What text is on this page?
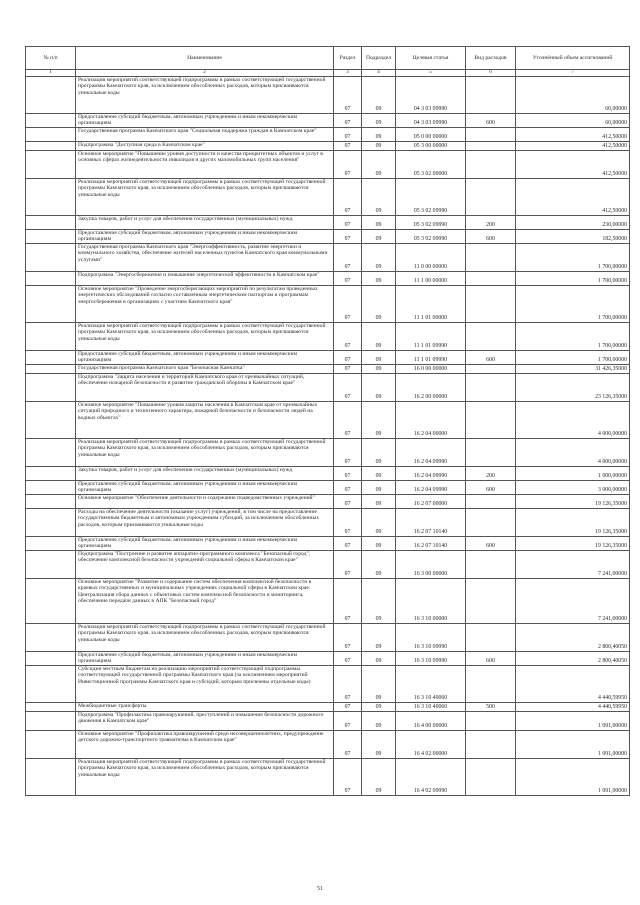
№ п/п	Наименование	Раздел	Подраздел	Целевая статья	Вид расходов	Уточнённый объем ассигнований
1	2	3	4	5	6	7
	Реализация мероприятий соответствующей подпрограммы в рамках соответствующей государственной программы Камчатского края, за исключением обособленных расходов, которым присваиваются уникальные коды	07	09	04 3 03 09990		60,00000
	Предоставление субсидий бюджетным, автономным учреждениям и иным некоммерческим организациям	07	09	04 3 03 09990	600	60,00000
	Государственная программа Камчатского края "Социальная поддержка граждан в Камчатском крае"	07	09	05 0 00 00000		412,50000
	Подпрограмма "Доступная среда в Камчатском крае"	07	09	05 3 00 00000		412,50000
	Основное мероприятие "Повышение уровня доступности и качества приоритетных объектов и услуг в основных сферах жизнедеятельности инвалидов и других маломобильных групп населения"	07	09	05 3 02 00000		412,50000
	Реализация мероприятий соответствующей подпрограммы в рамках соответствующей государственной программы Камчатского края, за исключением обособленных расходов, которым присваиваются уникальные коды	07	09	05 3 02 09990		412,50000
	Закупка товаров, работ и услуг для обеспечения государственных (муниципальных) нужд	07	09	05 3 02 09990	200	230,00000
	Предоставление субсидий бюджетным, автономным учреждениям и иным некоммерческим организациям	07	09	05 3 02 09990	600	182,50000
	Государственная программа Камчатского края "Энергоэффективность, развитие энергетики и коммунального хозяйства, обеспечение жителей населенных пунктов Камчатского края коммунальными услугами"	07	09	11 0 00 00000		1 700,00000
	Подпрограмма "Энергосбережение и повышение энергетической эффективности в Камчатском крае"	07	09	11 1 00 00000		1 700,00000
	Основное мероприятие "Проведение энергосберегающих мероприятий по результатам проведенных энергетических обследований согласно составленным энергетическим паспортам и программам энергосбережения в организациях с участием Камчатского края"	07	09	11 1 01 00000		1 700,00000
	Реализация мероприятий соответствующей подпрограммы в рамках соответствующей государственной программы Камчатского края, за исключением обособленных расходов, которым присваиваются уникальные коды	07	09	11 1 01 09990		1 700,00000
	Предоставление субсидий бюджетным, автономным учреждениям и иным некоммерческим организациям	07	09	11 1 01 09990	600	1 700,00000
	Государственная программа Камчатского края "Безопасная Камчатка"	07	09	16 0 00 00000		31 426,35000
	Подпрограмма "Защита населения и территорий Камчатского края от чрезвычайных ситуаций, обеспечение пожарной безопасности и развитие гражданской обороны в Камчатском крае"	07	09	16 2 00 00000		23 126,35000
	Основное мероприятие "Повышение уровня защиты населения в Камчатском крае от чрезвычайных ситуаций природного и техногенного характера, пожарной безопасности и безопасности людей на водных объектах"	07	09	16 2 04 00000		4 000,00000
	Реализация мероприятий соответствующей подпрограммы в рамках соответствующей государственной программы Камчатского края, за исключением обособленных расходов, которым присваиваются уникальные коды	07	09	16 2 04 09990		4 000,00000
	Закупка товаров, работ и услуг для обеспечения государственных (муниципальных) нужд	07	09	16 2 04 09990	200	1 000,00000
	Предоставление субсидий бюджетным, автономным учреждениям и иным некоммерческим организациям	07	09	16 2 04 09990	600	3 000,00000
	Основное мероприятие "Обеспечение деятельности и содержание подведомственных учреждений"	07	09	16 2 07 00000		19 126,35000
	Расходы на обеспечение деятельности (оказание услуг) учреждений, в том числе на предоставление государственным бюджетным и автономным учреждениям субсидий, за исключением обособленных расходов, которым присваиваются уникальные коды	07	09	16 2 07 10140		19 126,35000
	Предоставление субсидий бюджетным, автономным учреждениям и иным некоммерческим организациям	07	09	16 2 07 10140	600	19 126,35000
	Подпрограмма "Построение и развитие аппаратно-программного комплекса "Безопасный город", обеспечение комплексной безопасности учреждений социальной сферы в Камчатском крае"	07	09	16 3 00 00000		7 241,00000
	Основное мероприятие "Развитие и содержание систем обеспечения комплексной безопасности в краевых государственных и муниципальных учреждениях социальной сферы в Камчатском крае. Централизация сбора данных с объектовых систем комплексной безопасности и мониторинга, обеспечение передачи данных в АПК "Безопасный город"	07	09	16 3 10 00000		7 241,00000
	Реализация мероприятий соответствующей подпрограммы в рамках соответствующей государственной программы Камчатского края, за исключением обособленных расходов, которым присваиваются уникальные коды	07	09	16 3 10 09990		2 800,40050
	Предоставление субсидий бюджетным, автономным учреждениям и иным некоммерческим организациям	07	09	16 3 10 09990	600	2 800,40050
	Субсидии местным бюджетам на реализацию мероприятий соответствующей подпрограммы соответствующей государственной программы Камчатского края (за исключением мероприятий Инвестиционной программы Камчатского края и субсидий, которым присвоены отдельные коды)	07	09	16 3 10 40060		4 440,59950
	Межбюджетные трансферты	07	09	16 3 10 40060	500	4 440,59950
	Подпрограмма "Профилактика правонарушений, преступлений и повышение безопасности дорожного движения в Камчатском крае"	07	09	16 4 00 00000		1 091,00000
	Основное мероприятие "Профилактика правонарушений среди несовершеннолетних, предупреждение детского дорожно-транспортного травматизма в Камчатском крае"	07	09	16 4 02 00000		1 091,00000
	Реализация мероприятий соответствующей подпрограммы в рамках соответствующей государственной программы Камчатского края, за исключением обособленных расходов, которым присваиваются уникальные коды	07	09	16 4 02 09990		1 091,00000
51
